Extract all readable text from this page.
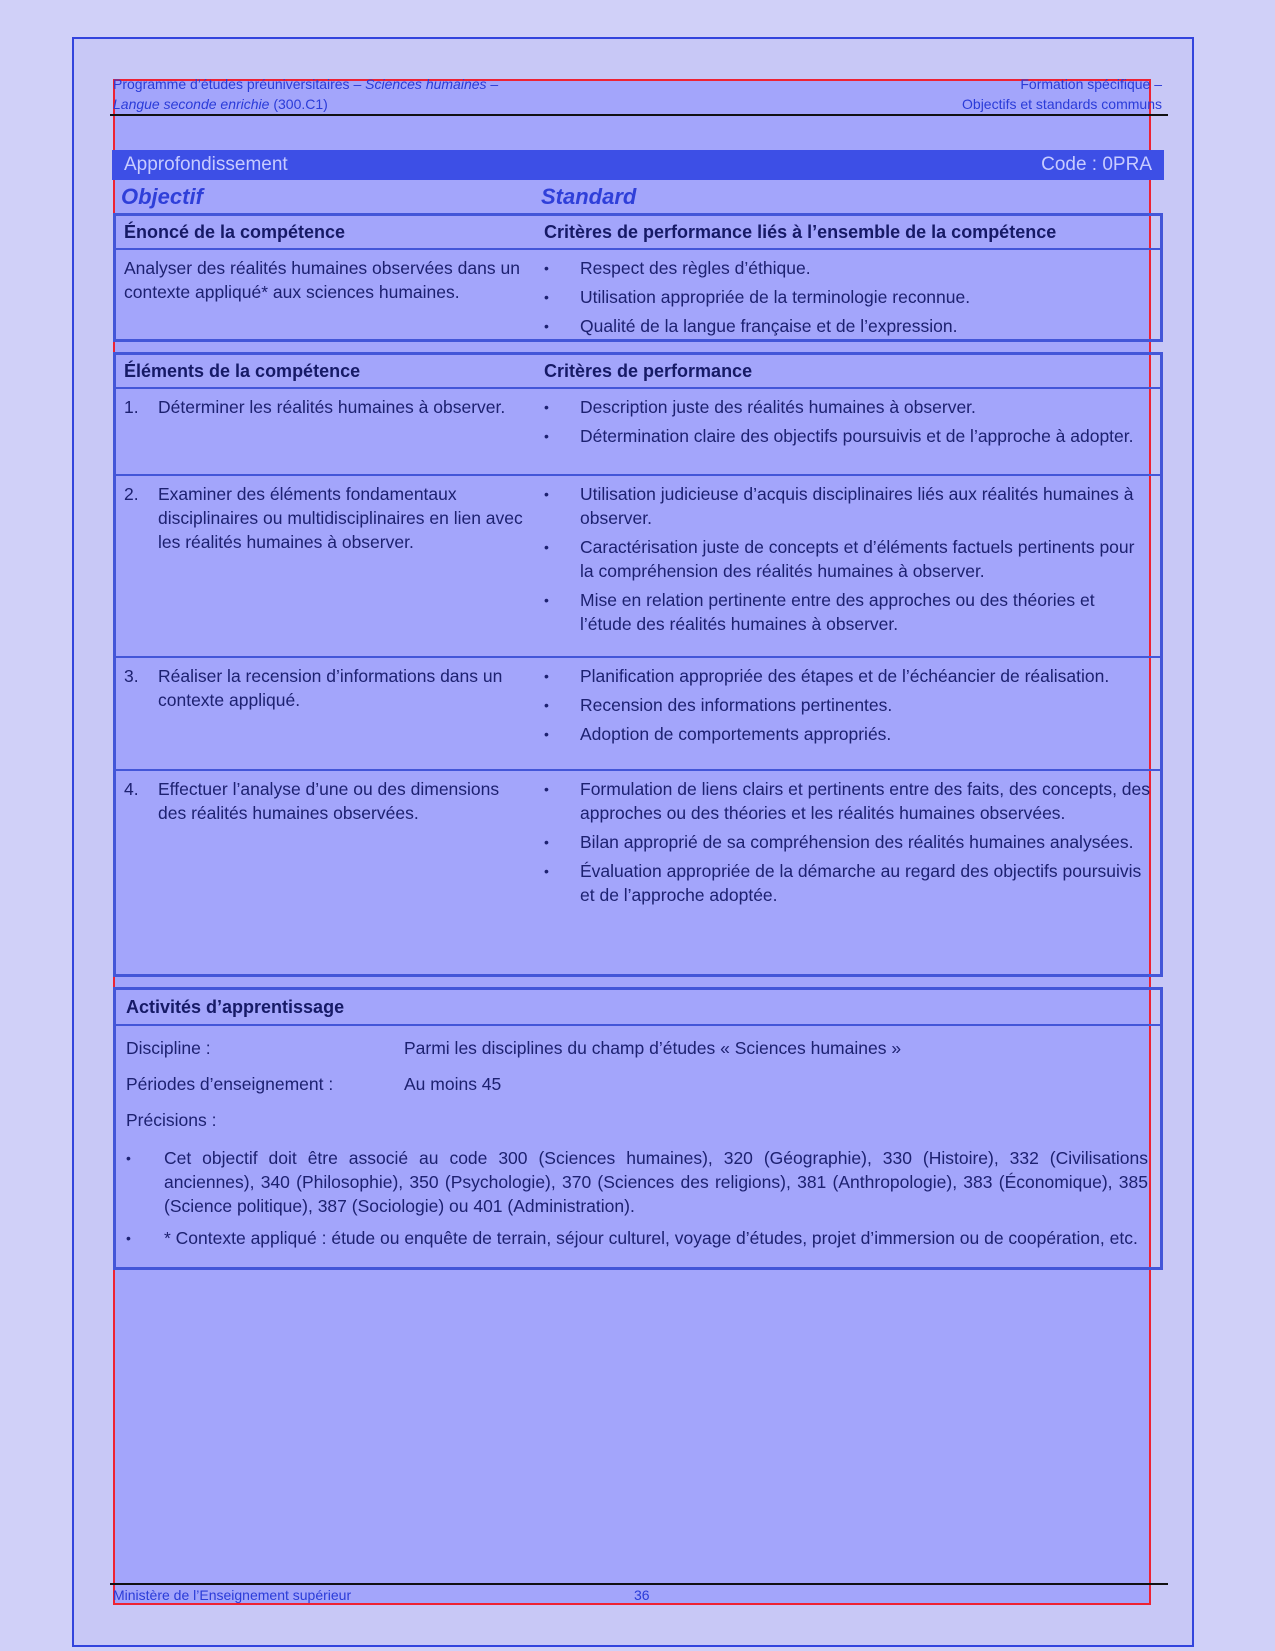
Programme d’études préuniversitaires – Sciences humaines –	Formation spécifique –
Langue seconde enrichie (300.C1)	Objectifs et standards communs
Approfondissement	Code : 0PRA
Objectif	Standard
Énoncé de la compétence	Critères de performance liés à l’ensemble de la compétence
Analyser des réalités humaines observées dans un contexte appliqué* aux sciences humaines.
•	Respect des règles d’éthique.
•	Utilisation appropriée de la terminologie reconnue.
•	Qualité de la langue française et de l’expression.
Éléments de la compétence	Critères de performance
1.	Déterminer les réalités humaines à observer.	•	Description juste des réalités humaines à observer.
•	Détermination claire des objectifs poursuivis et de l’approche à adopter.
2.	Examiner des éléments fondamentaux disciplinaires ou multidisciplinaires en lien avec les réalités humaines à observer.
•	Utilisation judicieuse d’acquis disciplinaires liés aux réalités humaines à observer.
•	Caractérisation juste de concepts et d’éléments factuels pertinents pour la compréhension des réalités humaines à observer.
•	Mise en relation pertinente entre des approches ou des théories et l’étude des réalités humaines à observer.
3.	Réaliser la recension d’informations dans un contexte appliqué.
•	Planification appropriée des étapes et de l’échéancier de réalisation.
•	Recension des informations pertinentes.
•	Adoption de comportements appropriés.
4.	Effectuer l’analyse d’une ou des dimensions des réalités humaines observées.
•	Formulation de liens clairs et pertinents entre des faits, des concepts, des approches ou des théories et les réalités humaines observées.
•	Bilan approprié de sa compréhension des réalités humaines analysées.
•	Évaluation appropriée de la démarche au regard des objectifs poursuivis et de l’approche adoptée.
Activités d’apprentissage
Discipline :	Parmi les disciplines du champ d’études « Sciences humaines »
Périodes d’enseignement :	Au moins 45
Précisions :
•	Cet objectif doit être associé au code 300 (Sciences humaines), 320 (Géographie), 330 (Histoire), 332 (Civilisations anciennes), 340 (Philosophie), 350 (Psychologie), 370 (Sciences des religions), 381 (Anthropologie), 383 (Économique), 385 (Science politique), 387 (Sociologie) ou 401 (Administration).
•	* Contexte appliqué : étude ou enquête de terrain, séjour culturel, voyage d’études, projet d’immersion ou de coopération, etc.
Ministère de l’Enseignement supérieur	36
